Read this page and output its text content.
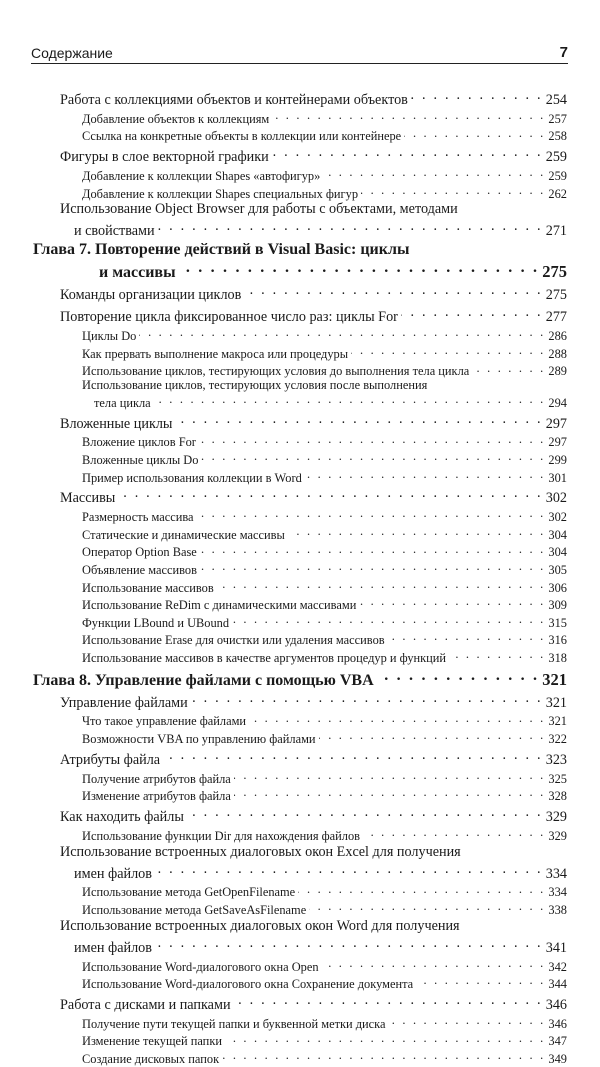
Содержание	7
Работа с коллекциями объектов и контейнерами объектов . . .	254
Добавление объектов к коллекциям . . .	257
Ссылка на конкретные объекты в коллекции или контейнере . . .	258
Фигуры в слое векторной графики . . .	259
Добавление к коллекции Shapes «автофигур» . . .	259
Добавление к коллекции Shapes специальных фигур . . .	262
Использование Object Browser для работы с объектами, методами
и свойствами . . .	271
Глава 7. Повторение действий в Visual Basic: циклы
и массивы . . .	275
Команды организации циклов . . .	275
Повторение цикла фиксированное число раз: циклы For . . .	277
Циклы Do . . .	286
Как прервать выполнение макроса или процедуры . . .	288
Использование циклов, тестирующих условия до выполнения тела цикла . . .	289
Использование циклов, тестирующих условия после выполнения
тела цикла . . .	294
Вложенные циклы . . .	297
Вложение циклов For . . .	297
Вложенные циклы Do . . .	299
Пример использования коллекции в Word . . .	301
Массивы . . .	302
Размерность массива . . .	302
Статические и динамические массивы . . .	304
Оператор Option Base . . .	304
Объявление массивов . . .	305
Использование массивов . . .	306
Использование ReDim с динамическими массивами . . .	309
Функции LBound и UBound . . .	315
Использование Erase для очистки или удаления массивов . . .	316
Использование массивов в качестве аргументов процедур и функций . . .	318
Глава 8. Управление файлами с помощью VBA . . .	321
Управление файлами . . .	321
Что такое управление файлами . . .	321
Возможности VBA по управлению файлами . . .	322
Атрибуты файла . . .	323
Получение атрибутов файла . . .	325
Изменение атрибутов файла . . .	328
Как находить файлы . . .	329
Использование функции Dir для нахождения файлов . . .	329
Использование встроенных диалоговых окон Excel для получения
имен файлов . . .	334
Использование метода GetOpenFilename . . .	334
Использование метода GetSaveAsFilename . . .	338
Использование встроенных диалоговых окон Word для получения
имен файлов . . .	341
Использование Word-диалогового окна Open . . .	342
Использование Word-диалогового окна Сохранение документа . . .	344
Работа с дисками и папками . . .	346
Получение пути текущей папки и буквенной метки диска . . .	346
Изменение текущей папки . . .	347
Создание дисковых папок . . .	349
